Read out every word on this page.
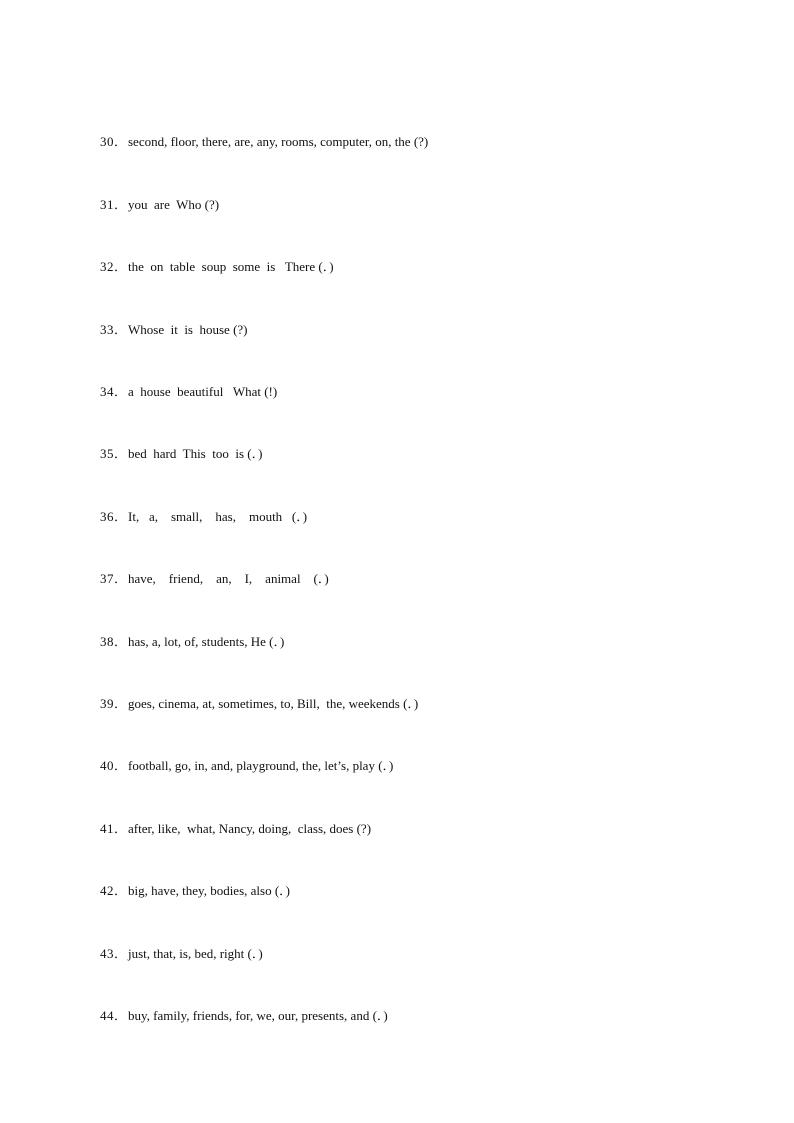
30．second, floor, there, are, any, rooms, computer, on, the (?)

31．you  are  Who (?)

32．the  on  table  soup  some  is   There (．)

33．Whose  it  is  house (?)

34．a  house  beautiful   What (!)

35．bed  hard  This  too  is (．)

36．It,   a,    small,    has,    mouth   (．)

37．have,    friend,    an,    I,    animal    (．)

38．has, a, lot, of, students, He (．)

39．goes, cinema, at, sometimes, to, Bill,  the, weekends (．)

40．football, go, in, and, playground, the, let’s, play (．)

41．after, like,  what, Nancy, doing,  class, does (?)

42．big, have, they, bodies, also (．)

43．just, that, is, bed, right (．)

44．buy, family, friends, for, we, our, presents, and (．)
